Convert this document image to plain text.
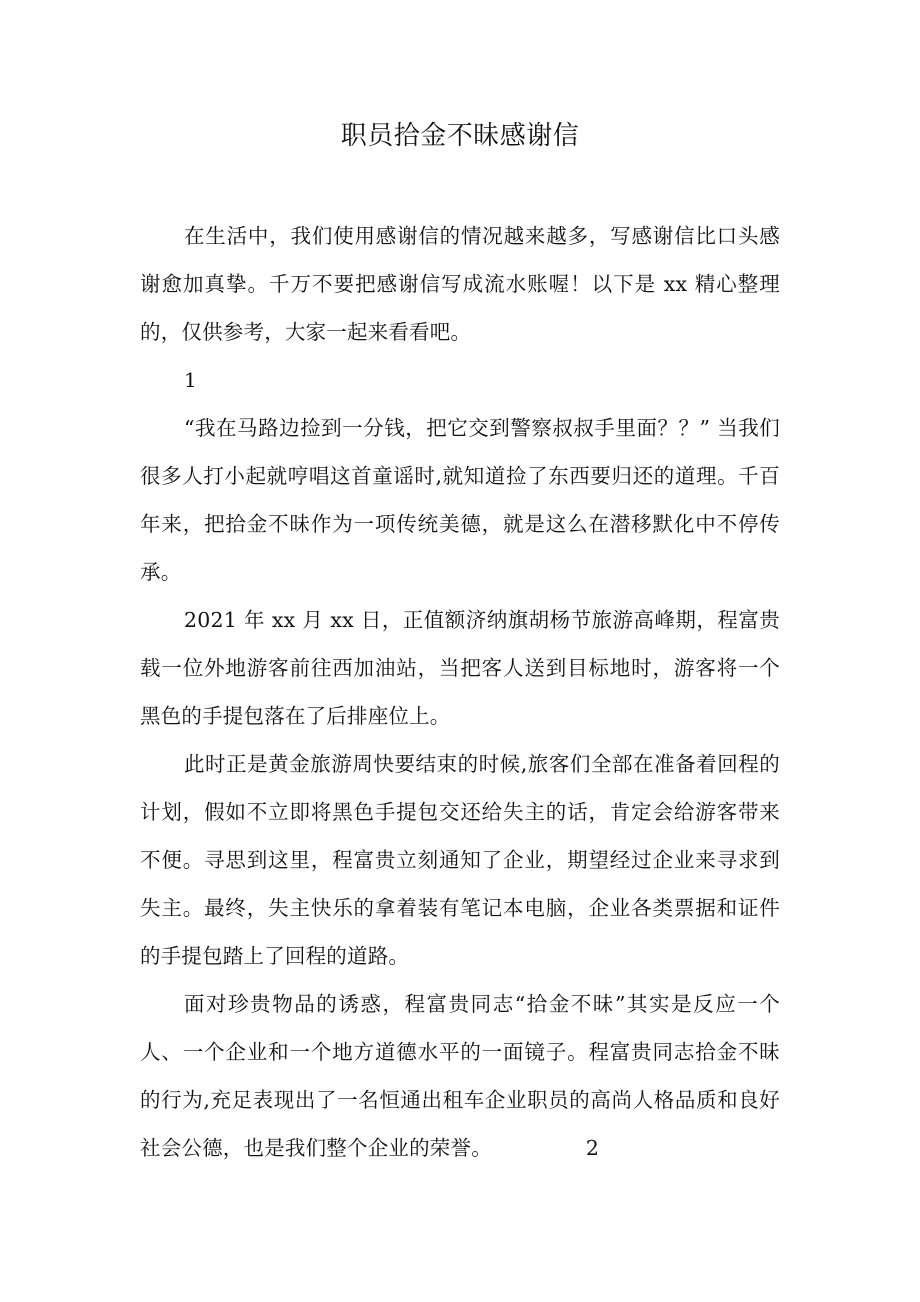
职员拾金不昧感谢信

在生活中，我们使用感谢信的情况越来越多，写感谢信比口头感谢愈加真挚。千万不要把感谢信写成流水账喔！以下是 xx 精心整理的，仅供参考，大家一起来看看吧。

1

“我在马路边捡到一分钱，把它交到警察叔叔手里面？？” 当我们很多人打小起就哼唱这首童谣时,就知道捡了东西要归还的道理。千百年来，把拾金不昧作为一项传统美德，就是这么在潜移默化中不停传承。

2021 年 xx 月 xx 日，正值额济纳旗胡杨节旅游高峰期，程富贵载一位外地游客前往西加油站，当把客人送到目标地时，游客将一个黑色的手提包落在了后排座位上。

此时正是黄金旅游周快要结束的时候,旅客们全部在准备着回程的计划，假如不立即将黑色手提包交还给失主的话，肯定会给游客带来不便。寻思到这里，程富贵立刻通知了企业，期望经过企业来寻求到失主。最终，失主快乐的拿着装有笔记本电脑，企业各类票据和证件的手提包踏上了回程的道路。

面对珍贵物品的诱惑，程富贵同志“拾金不昧”其实是反应一个人、一个企业和一个地方道德水平的一面镜子。程富贵同志拾金不昧的行为,充足表现出了一名恒通出租车企业职员的高尚人格品质和良好社会公德，也是我们整个企业的荣誉。	2
